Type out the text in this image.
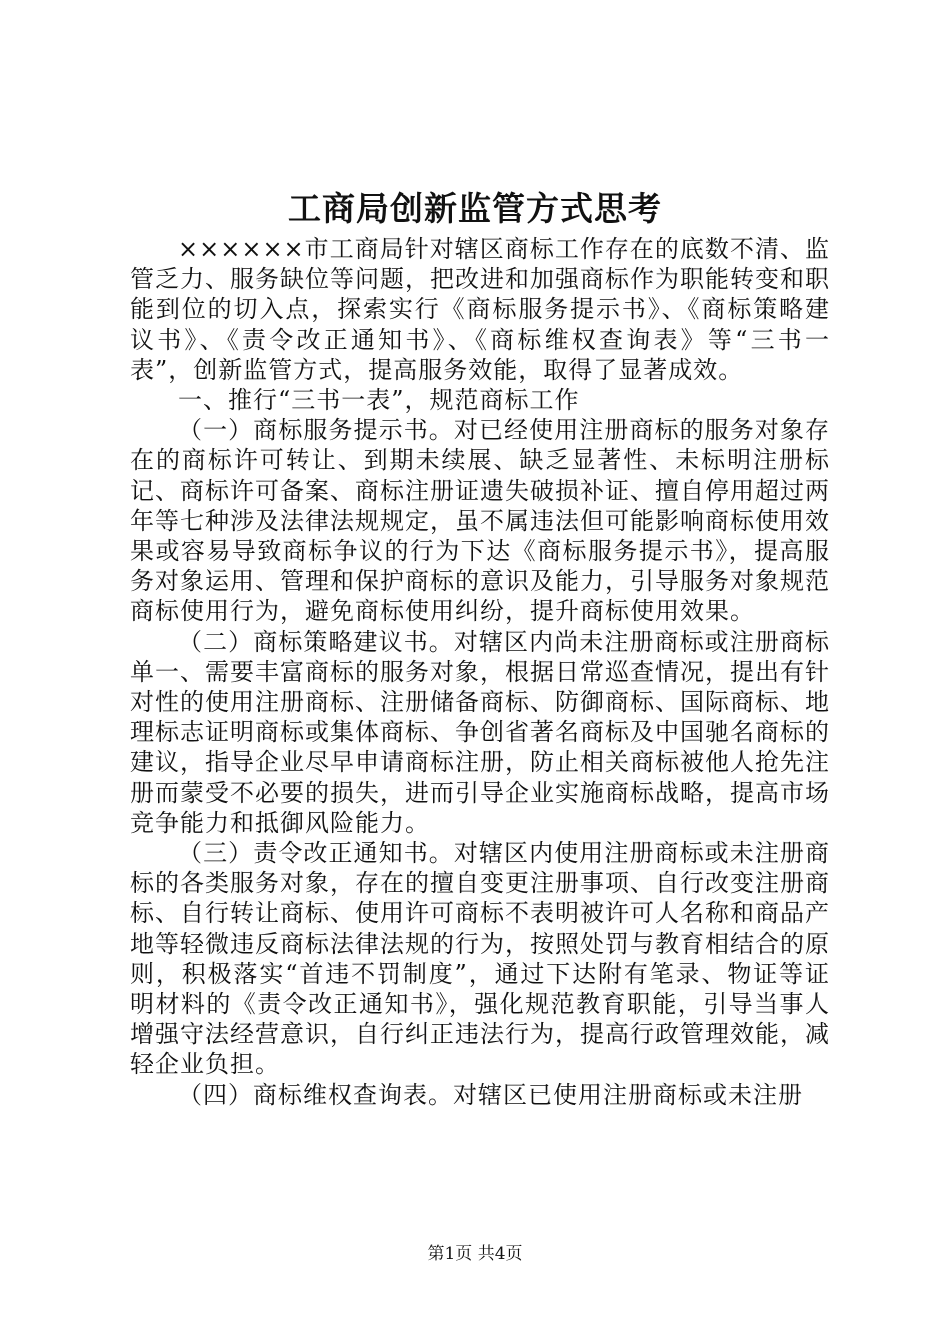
工商局创新监管方式思考

××××××市工商局针对辖区商标工作存在的底数不清、监管乏力、服务缺位等问题，把改进和加强商标作为职能转变和职能到位的切入点，探索实行《商标服务提示书》、《商标策略建议书》、《责令改正通知书》、《商标维权查询表》等“三书一表”，创新监管方式，提高服务效能，取得了显著成效。

一、推行“三书一表”，规范商标工作

（一）商标服务提示书。对已经使用注册商标的服务对象存在的商标许可转让、到期未续展、缺乏显著性、未标明注册标记、商标许可备案、商标注册证遗失破损补证、擅自停用超过两年等七种涉及法律法规规定，虽不属违法但可能影响商标使用效果或容易导致商标争议的行为下达《商标服务提示书》，提高服务对象运用、管理和保护商标的意识及能力，引导服务对象规范商标使用行为，避免商标使用纠纷，提升商标使用效果。

（二）商标策略建议书。对辖区内尚未注册商标或注册商标单一、需要丰富商标的服务对象，根据日常巡查情况，提出有针对性的使用注册商标、注册储备商标、防御商标、国际商标、地理标志证明商标或集体商标、争创省著名商标及中国驰名商标的建议，指导企业尽早申请商标注册，防止相关商标被他人抢先注册而蒙受不必要的损失，进而引导企业实施商标战略，提高市场竞争能力和抵御风险能力。

（三）责令改正通知书。对辖区内使用注册商标或未注册商标的各类服务对象，存在的擅自变更注册事项、自行改变注册商标、自行转让商标、使用许可商标不表明被许可人名称和商品产地等轻微违反商标法律法规的行为，按照处罚与教育相结合的原则，积极落实“首违不罚制度”，通过下达附有笔录、物证等证明材料的《责令改正通知书》，强化规范教育职能，引导当事人增强守法经营意识，自行纠正违法行为，提高行政管理效能，减轻企业负担。

（四）商标维权查询表。对辖区已使用注册商标或未注册

第1页 共4页
